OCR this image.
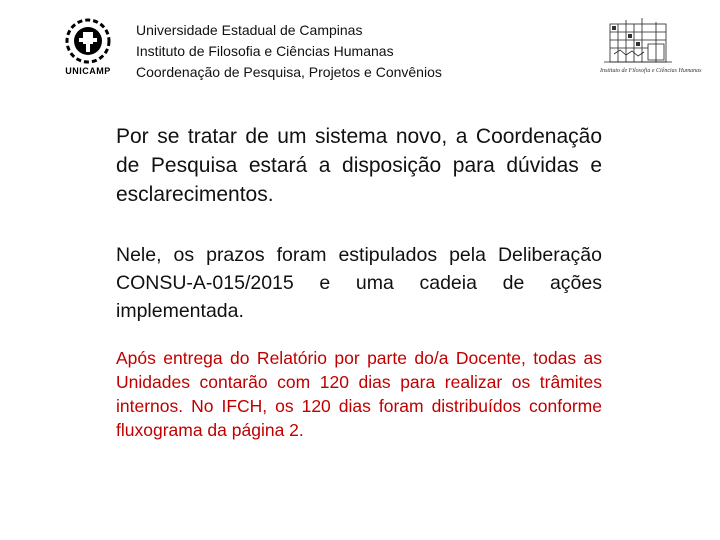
UNICAMP
Universidade Estadual de Campinas
Instituto de Filosofia e Ciências Humanas
Coordenação de Pesquisa, Projetos e Convênios	Instituto de Filosofia e Ciências Humanas

Por se tratar de um sistema novo, a Coordenação de Pesquisa estará a disposição para dúvidas e esclarecimentos.

Nele, os prazos foram estipulados pela Deliberação CONSU-A-015/2015 e uma cadeia de ações implementada.

Após entrega do Relatório por parte do/a Docente, todas as Unidades contarão com 120 dias para realizar os trâmites internos. No IFCH, os 120 dias foram distribuídos conforme fluxograma da página 2.
